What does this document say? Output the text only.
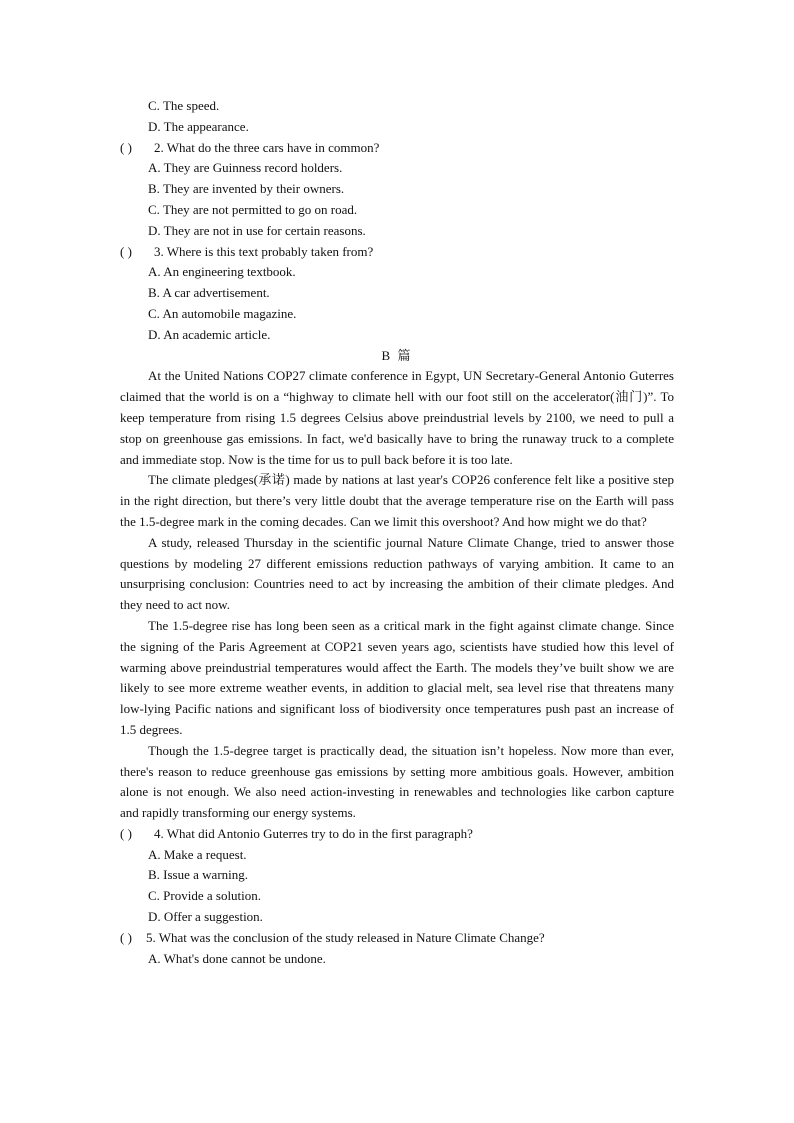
C. The speed.
D. The appearance.
( ) 2. What do the three cars have in common?
A. They are Guinness record holders.
B. They are invented by their owners.
C. They are not permitted to go on road.
D. They are not in use for certain reasons.
( ) 3. Where is this text probably taken from?
A. An engineering textbook.
B. A car advertisement.
C. An automobile magazine.
D. An academic article.
B 篇

At the United Nations COP27 climate conference in Egypt, UN Secretary-General Antonio Guterres claimed that the world is on a “highway to climate hell with our foot still on the accelerator(油门)”. To keep temperature from rising 1.5 degrees Celsius above preindustrial levels by 2100, we need to pull a stop on greenhouse gas emissions. In fact, we'd basically have to bring the runaway truck to a complete and immediate stop. Now is the time for us to pull back before it is too late.

The climate pledges(承诺) made by nations at last year's COP26 conference felt like a positive step in the right direction, but there’s very little doubt that the average temperature rise on the Earth will pass the 1.5-degree mark in the coming decades. Can we limit this overshoot? And how might we do that?

A study, released Thursday in the scientific journal Nature Climate Change, tried to answer those questions by modeling 27 different emissions reduction pathways of varying ambition. It came to an unsurprising conclusion: Countries need to act by increasing the ambition of their climate pledges. And they need to act now.

The 1.5-degree rise has long been seen as a critical mark in the fight against climate change. Since the signing of the Paris Agreement at COP21 seven years ago, scientists have studied how this level of warming above preindustrial temperatures would affect the Earth. The models they’ve built show we are likely to see more extreme weather events, in addition to glacial melt, sea level rise that threatens many low-lying Pacific nations and significant loss of biodiversity once temperatures push past an increase of 1.5 degrees.

Though the 1.5-degree target is practically dead, the situation isn’t hopeless. Now more than ever, there's reason to reduce greenhouse gas emissions by setting more ambitious goals. However, ambition alone is not enough. We also need action-investing in renewables and technologies like carbon capture and rapidly transforming our energy systems.

( ) 4. What did Antonio Guterres try to do in the first paragraph?
A. Make a request.
B. Issue a warning.
C. Provide a solution.
D. Offer a suggestion.
( ) 5. What was the conclusion of the study released in Nature Climate Change?
A. What's done cannot be undone.
